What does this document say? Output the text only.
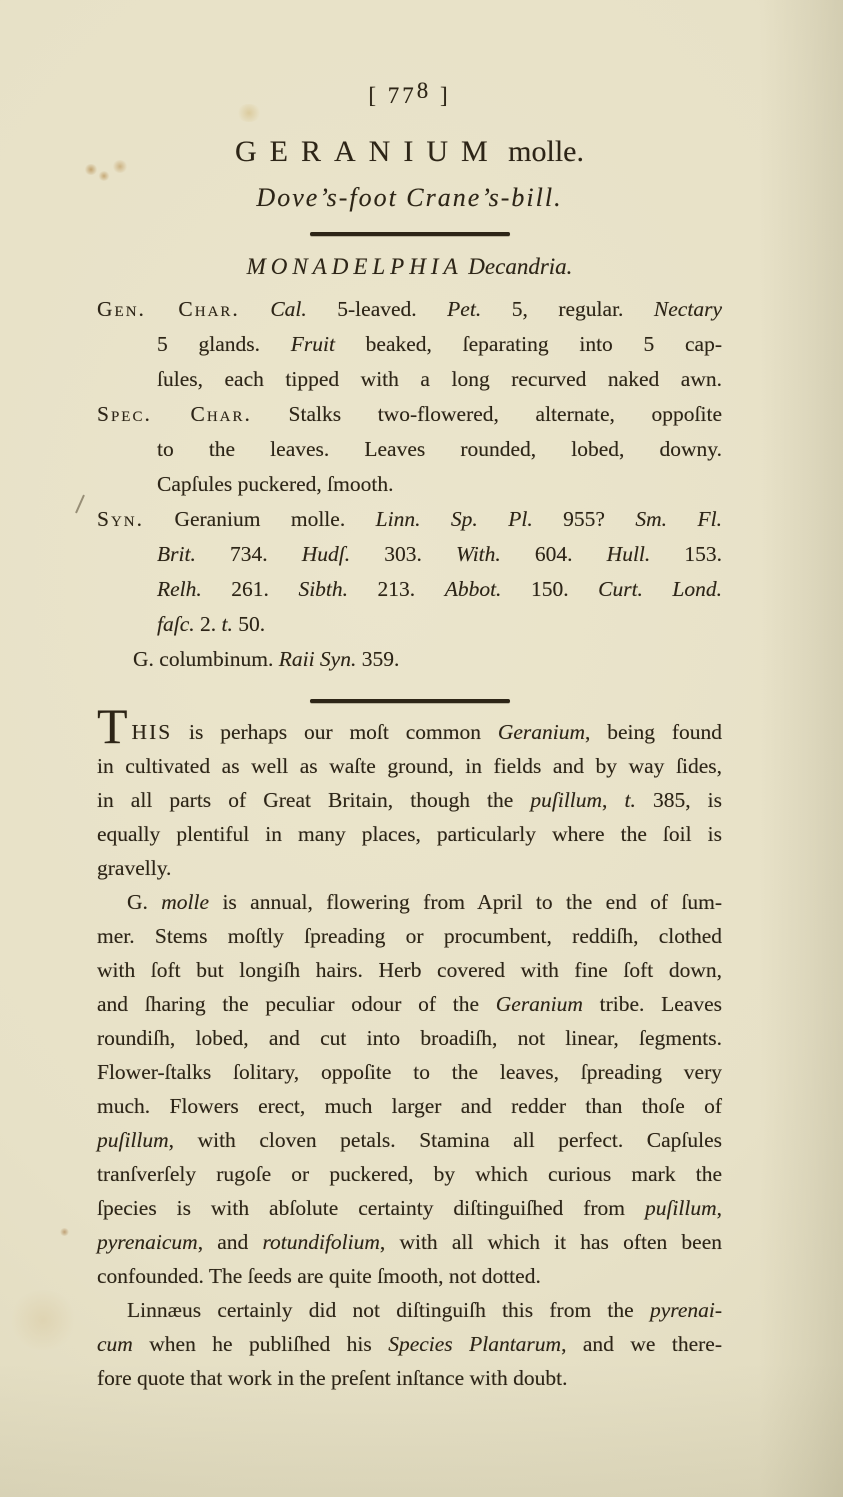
[ 778 ]
GERANIUM molle.
Dove’s-foot Crane’s-bill.
MONADELPHIA Decandria.
Gen. Char. Cal. 5-leaved. Pet. 5, regular. Nectary
5 glands. Fruit beaked, ſeparating into 5 cap-
ſules, each tipped with a long recurved naked awn.
Spec. Char. Stalks two-flowered, alternate, oppoſite
to the leaves. Leaves rounded, lobed, downy.
Capſules puckered, ſmooth.
Syn. Geranium molle. Linn. Sp. Pl. 955? Sm. Fl.
Brit. 734. Hudſ. 303. With. 604. Hull. 153.
Relh. 261. Sibth. 213. Abbot. 150. Curt. Lond.
faſc. 2. t. 50.
G. columbinum. Raii Syn. 359.
THIS is perhaps our moſt common Geranium, being found
in cultivated as well as waſte ground, in fields and by way ſides,
in all parts of Great Britain, though the puſillum, t. 385, is
equally plentiful in many places, particularly where the ſoil is
gravelly.
G. molle is annual, flowering from April to the end of ſum-
mer. Stems moſtly ſpreading or procumbent, reddiſh, clothed
with ſoft but longiſh hairs. Herb covered with fine ſoft down,
and ſharing the peculiar odour of the Geranium tribe. Leaves
roundiſh, lobed, and cut into broadiſh, not linear, ſegments.
Flower-ſtalks ſolitary, oppoſite to the leaves, ſpreading very
much. Flowers erect, much larger and redder than thoſe of
puſillum, with cloven petals. Stamina all perfect. Capſules
tranſverſely rugoſe or puckered, by which curious mark the
ſpecies is with abſolute certainty diſtinguiſhed from puſillum,
pyrenaicum, and rotundifolium, with all which it has often been
confounded. The ſeeds are quite ſmooth, not dotted.
Linnæus certainly did not diſtinguiſh this from the pyrenai-
cum when he publiſhed his Species Plantarum, and we there-
fore quote that work in the preſent inſtance with doubt.
